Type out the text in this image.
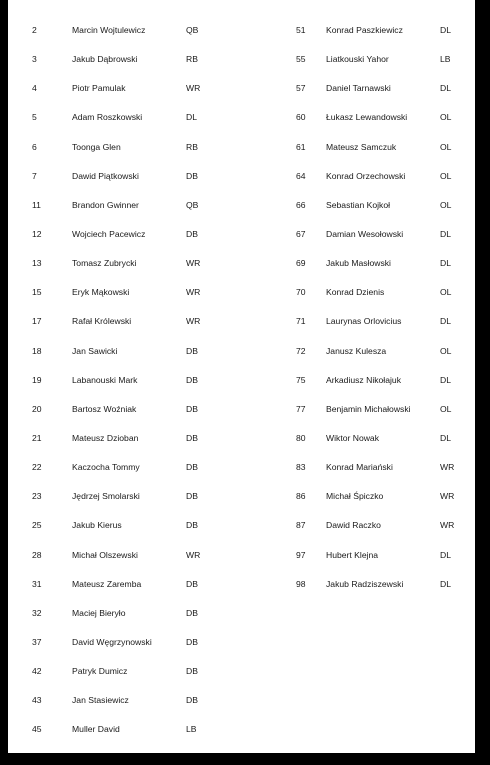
2	Marcin Wojtulewicz	QB
3	Jakub Dąbrowski	RB
4	Piotr Pamulak	WR
5	Adam Roszkowski	DL
6	Toonga Glen	RB
7	Dawid Piątkowski	DB
11	Brandon Gwinner	QB
12	Wojciech Pacewicz	DB
13	Tomasz Zubrycki	WR
15	Eryk Mąkowski	WR
17	Rafał Królewski	WR
18	Jan Sawicki	DB
19	Labanouski Mark	DB
20	Bartosz Woźniak	DB
21	Mateusz Dzioban	DB
22	Kaczocha Tommy	DB
23	Jędrzej Smolarski	DB
25	Jakub Kierus	DB
28	Michał Olszewski	WR
31	Mateusz Zaremba	DB
32	Maciej Bieryło	DB
37	David Węgrzynowski	DB
42	Patryk Dumicz	DB
43	Jan Stasiewicz	DB
45	Muller David	LB
51 Konrad Paszkiewicz	DL
55 Liatkouski Yahor	LB
57 Daniel Tarnawski	DL
60 Łukasz Lewandowski	OL
61 Mateusz Samczuk	OL
64 Konrad Orzechowski	OL
66 Sebastian Kojkoł	OL
67 Damian Wesołowski	DL
69 Jakub Masłowski	DL
70 Konrad Dzienis	OL
71 Laurynas Orlovicius	DL
72 Janusz Kulesza	OL
75 Arkadiusz Nikołajuk	DL
77 Benjamin Michałowski	OL
80 Wiktor Nowak	DL
83 Konrad Mariański	WR
86 Michał Śpiczko	WR
87 Dawid Raczko	WR
97 Hubert Klejna	DL
98 Jakub Radziszewski	DL
